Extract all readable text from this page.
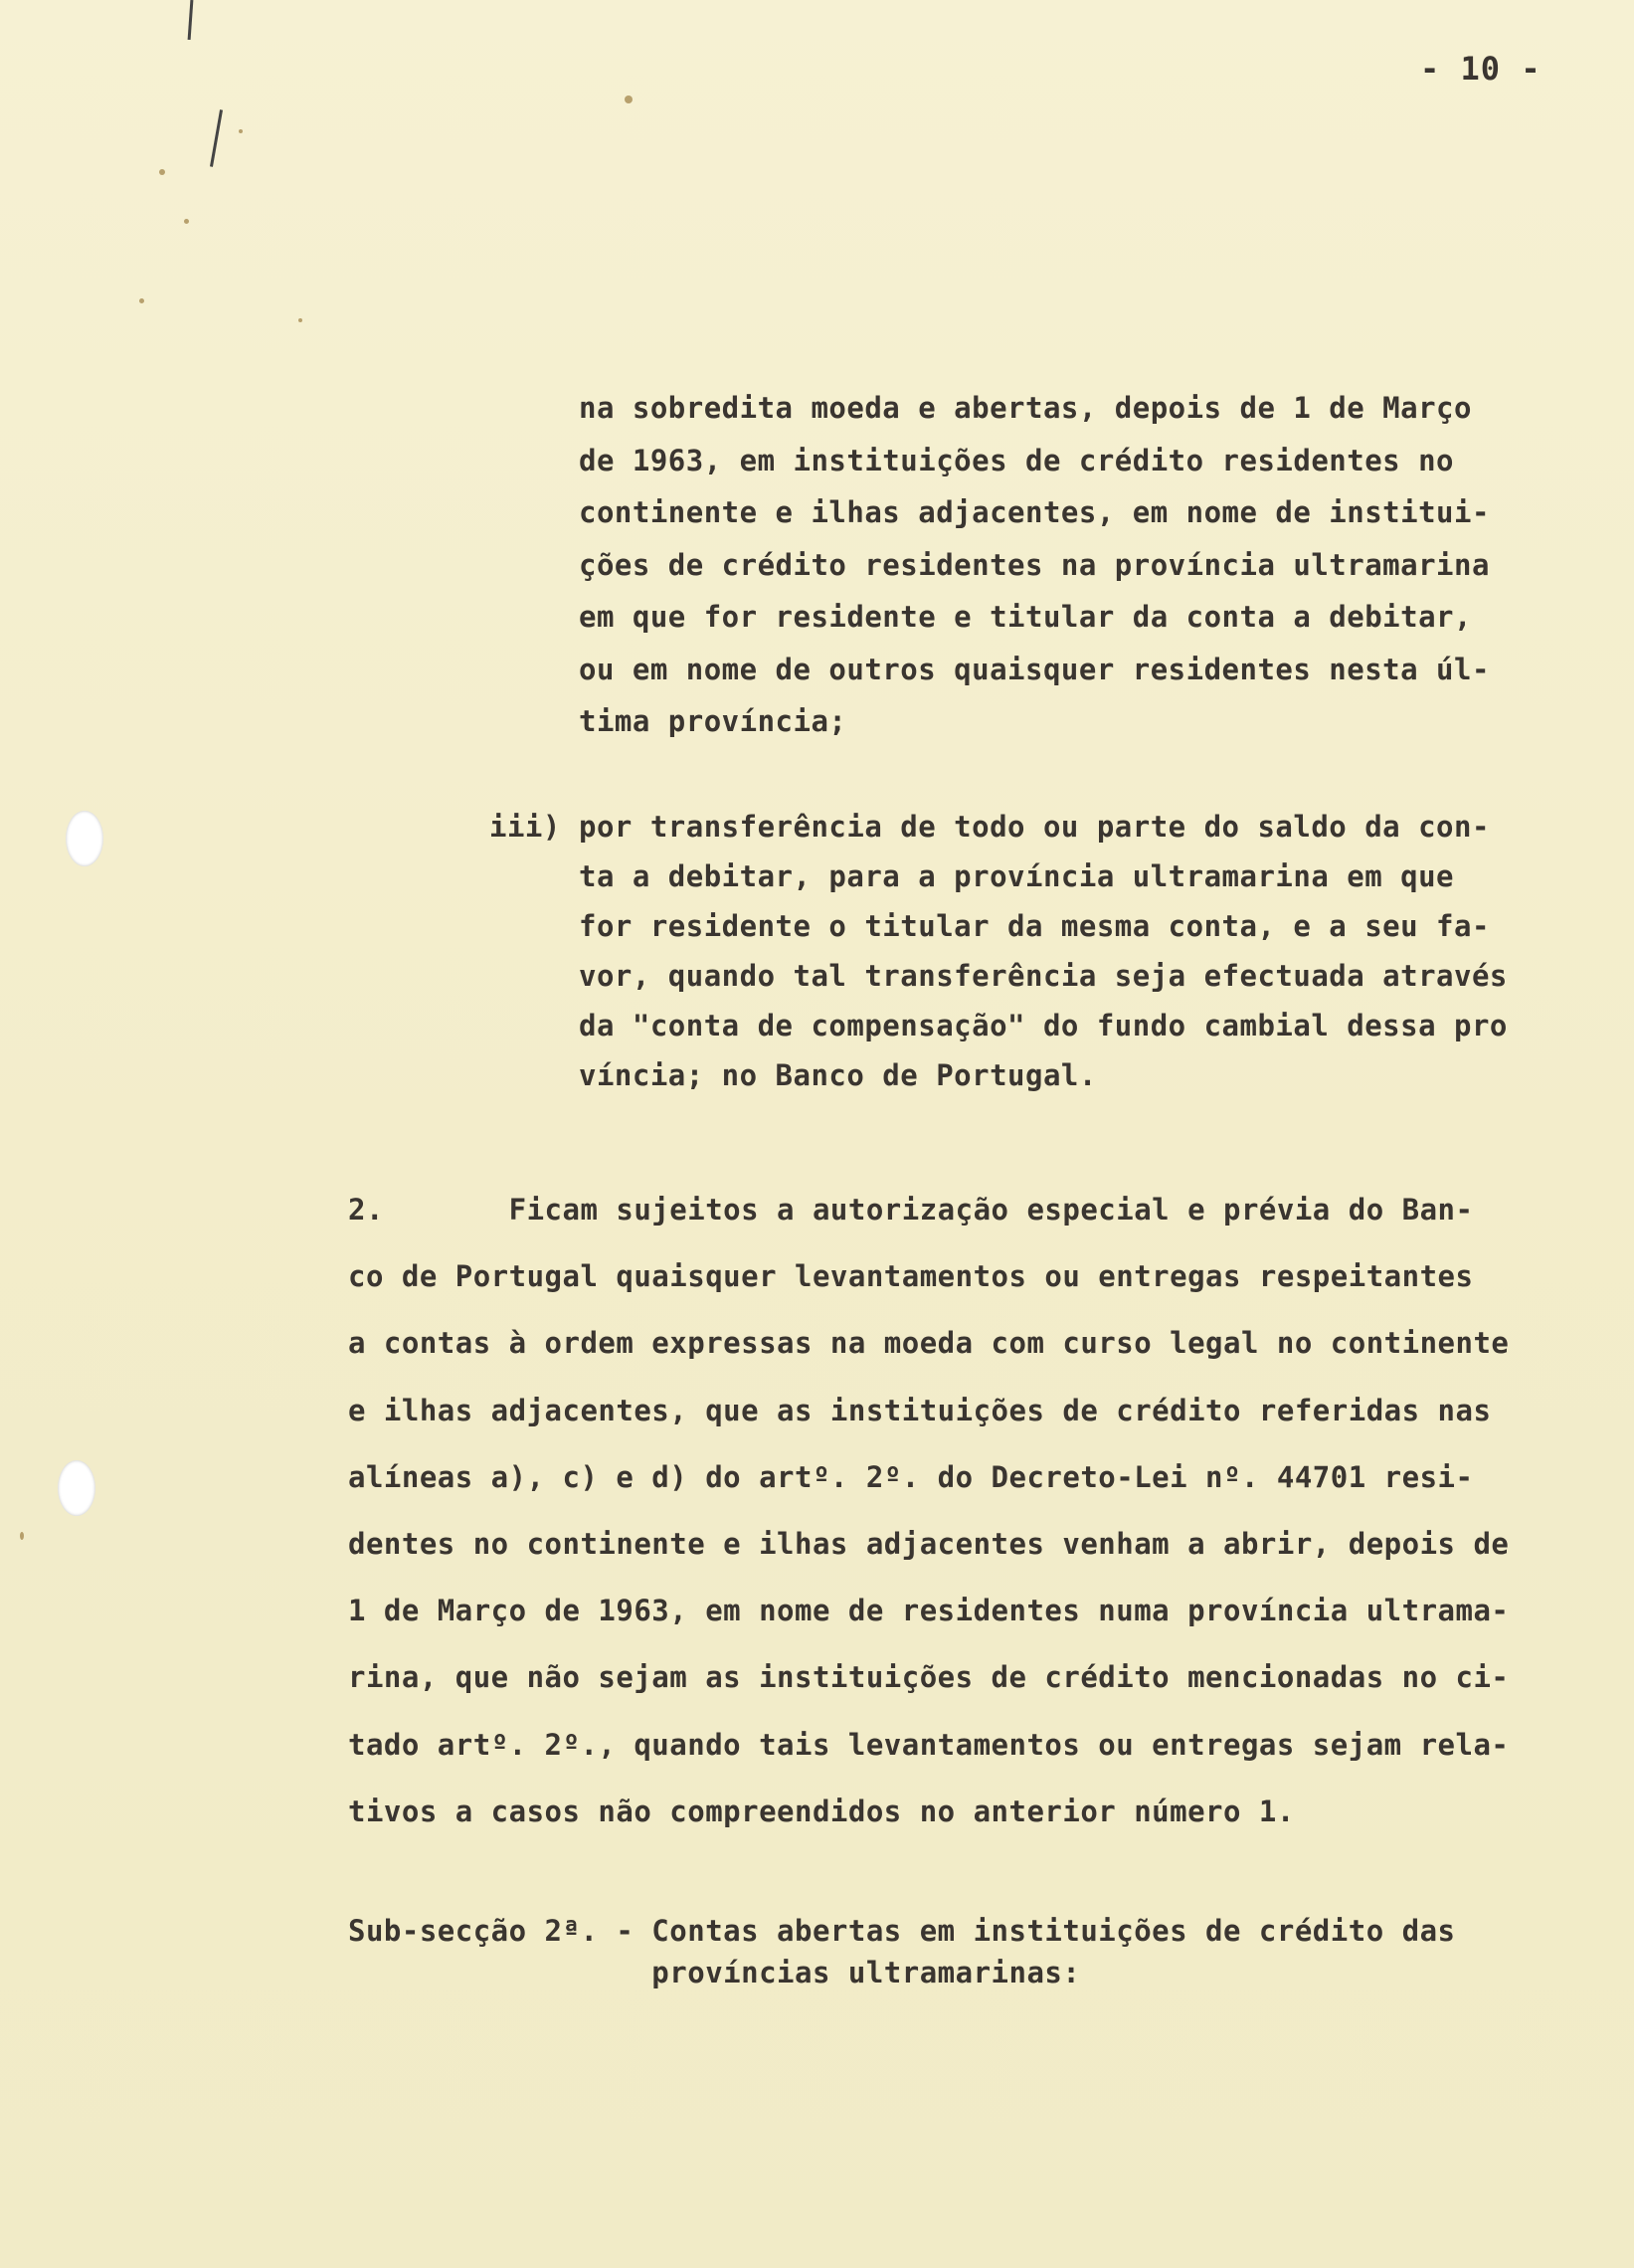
- 10 -
na sobredita moeda e abertas, depois de 1 de Março
de 1963, em instituições de crédito residentes no
continente e ilhas adjacentes, em nome de institui-
ções de crédito residentes na província ultramarina
em que for residente e titular da conta a debitar,
ou em nome de outros quaisquer residentes nesta úl-
tima província;
iii) por transferência de todo ou parte do saldo da con-
ta a debitar, para a província ultramarina em que
for residente o titular da mesma conta, e a seu fa-
vor, quando tal transferência seja efectuada através
da "conta de compensação" do fundo cambial dessa pro
víncia; no Banco de Portugal.
2.       Ficam sujeitos a autorização especial e prévia do Ban-
co de Portugal quaisquer levantamentos ou entregas respeitantes
a contas à ordem expressas na moeda com curso legal no continente
e ilhas adjacentes, que as instituições de crédito referidas nas
alíneas a), c) e d) do artº. 2º. do Decreto-Lei nº. 44701 resi-
dentes no continente e ilhas adjacentes venham a abrir, depois de
1 de Março de 1963, em nome de residentes numa província ultrama-
rina, que não sejam as instituições de crédito mencionadas no ci-
tado artº. 2º., quando tais levantamentos ou entregas sejam rela-
tivos a casos não compreendidos no anterior número 1.
Sub-secção 2ª. - Contas abertas em instituições de crédito das
províncias ultramarinas:
